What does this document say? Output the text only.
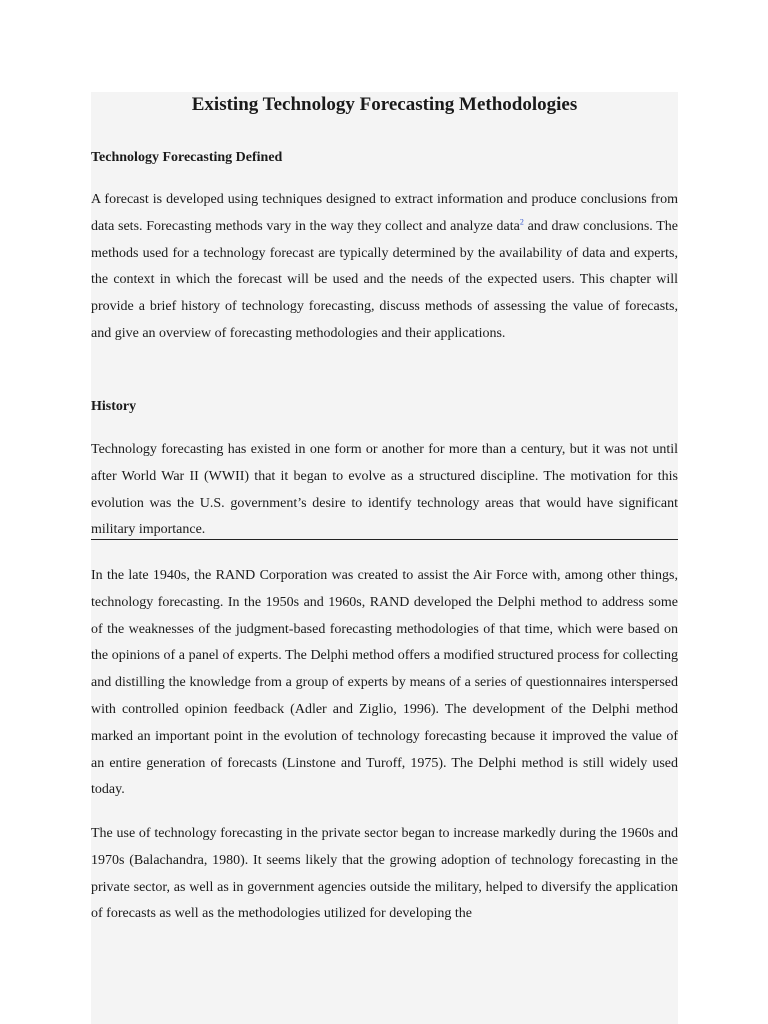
Existing Technology Forecasting Methodologies
Technology Forecasting Defined
A forecast is developed using techniques designed to extract information and produce conclusions from data sets. Forecasting methods vary in the way they collect and analyze data$^2$ and draw conclusions. The methods used for a technology forecast are typically determined by the availability of data and experts, the context in which the forecast will be used and the needs of the expected users. This chapter will provide a brief history of technology forecasting, discuss methods of assessing the value of forecasts, and give an overview of forecasting methodologies and their applications.
History
Technology forecasting has existed in one form or another for more than a century, but it was not until after World War II (WWII) that it began to evolve as a structured discipline. The motivation for this evolution was the U.S. government’s desire to identify technology areas that would have significant military importance.
In the late 1940s, the RAND Corporation was created to assist the Air Force with, among other things, technology forecasting. In the 1950s and 1960s, RAND developed the Delphi method to address some of the weaknesses of the judgment-based forecasting methodologies of that time, which were based on the opinions of a panel of experts. The Delphi method offers a modified structured process for collecting and distilling the knowledge from a group of experts by means of a series of questionnaires interspersed with controlled opinion feedback (Adler and Ziglio, 1996). The development of the Delphi method marked an important point in the evolution of technology forecasting because it improved the value of an entire generation of forecasts (Linstone and Turoff, 1975). The Delphi method is still widely used today.
The use of technology forecasting in the private sector began to increase markedly during the 1960s and 1970s (Balachandra, 1980). It seems likely that the growing adoption of technology forecasting in the private sector, as well as in government agencies outside the military, helped to diversify the application of forecasts as well as the methodologies utilized for developing the
